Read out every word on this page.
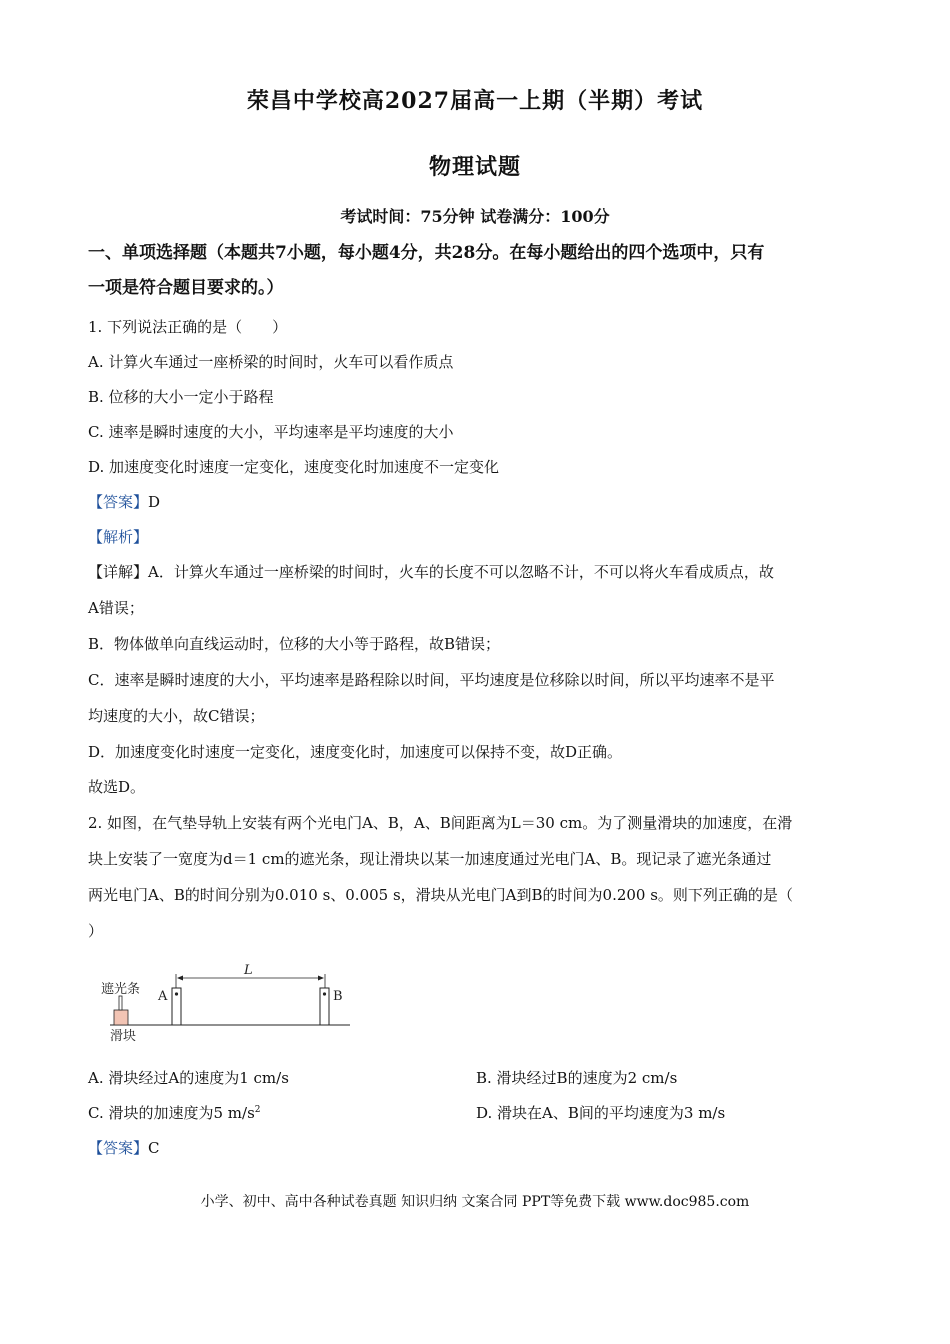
荣昌中学校高2027届高一上期（半期）考试
物理试题
考试时间：75分钟 试卷满分：100分
一、单项选择题（本题共7小题，每小题4分，共28分。在每小题给出的四个选项中，只有
一项是符合题目要求的。）
1. 下列说法正确的是（　　）
A. 计算火车通过一座桥梁的时间时，火车可以看作质点
B. 位移的大小一定小于路程
C. 速率是瞬时速度的大小，平均速率是平均速度的大小
D. 加速度变化时速度一定变化，速度变化时加速度不一定变化
【答案】D
【解析】
【详解】A．计算火车通过一座桥梁的时间时，火车的长度不可以忽略不计，不可以将火车看成质点，故
A错误；
B．物体做单向直线运动时，位移的大小等于路程，故B错误；
C．速率是瞬时速度的大小，平均速率是路程除以时间，平均速度是位移除以时间，所以平均速率不是平
均速度的大小，故C错误；
D．加速度变化时速度一定变化，速度变化时，加速度可以保持不变，故D正确。
故选D。
2. 如图，在气垫导轨上安装有两个光电门A、B，A、B间距离为L＝30 cm。为了测量滑块的加速度，在滑
块上安装了一宽度为d＝1 cm的遮光条，现让滑块以某一加速度通过光电门A、B。现记录了遮光条通过
两光电门A、B的时间分别为0.010 s、0.005 s，滑块从光电门A到B的时间为0.200 s。则下列正确的是（
）
遮光条
滑块
A	B
L
A. 滑块经过A的速度为1 cm/s	B. 滑块经过B的速度为2 cm/s
C. 滑块的加速度为5 $m/s^2$	D. 滑块在A、B间的平均速度为3 m/s
【答案】C
小学、初中、高中各种试卷真题 知识归纳 文案合同 PPT等免费下载 www.doc985.com
